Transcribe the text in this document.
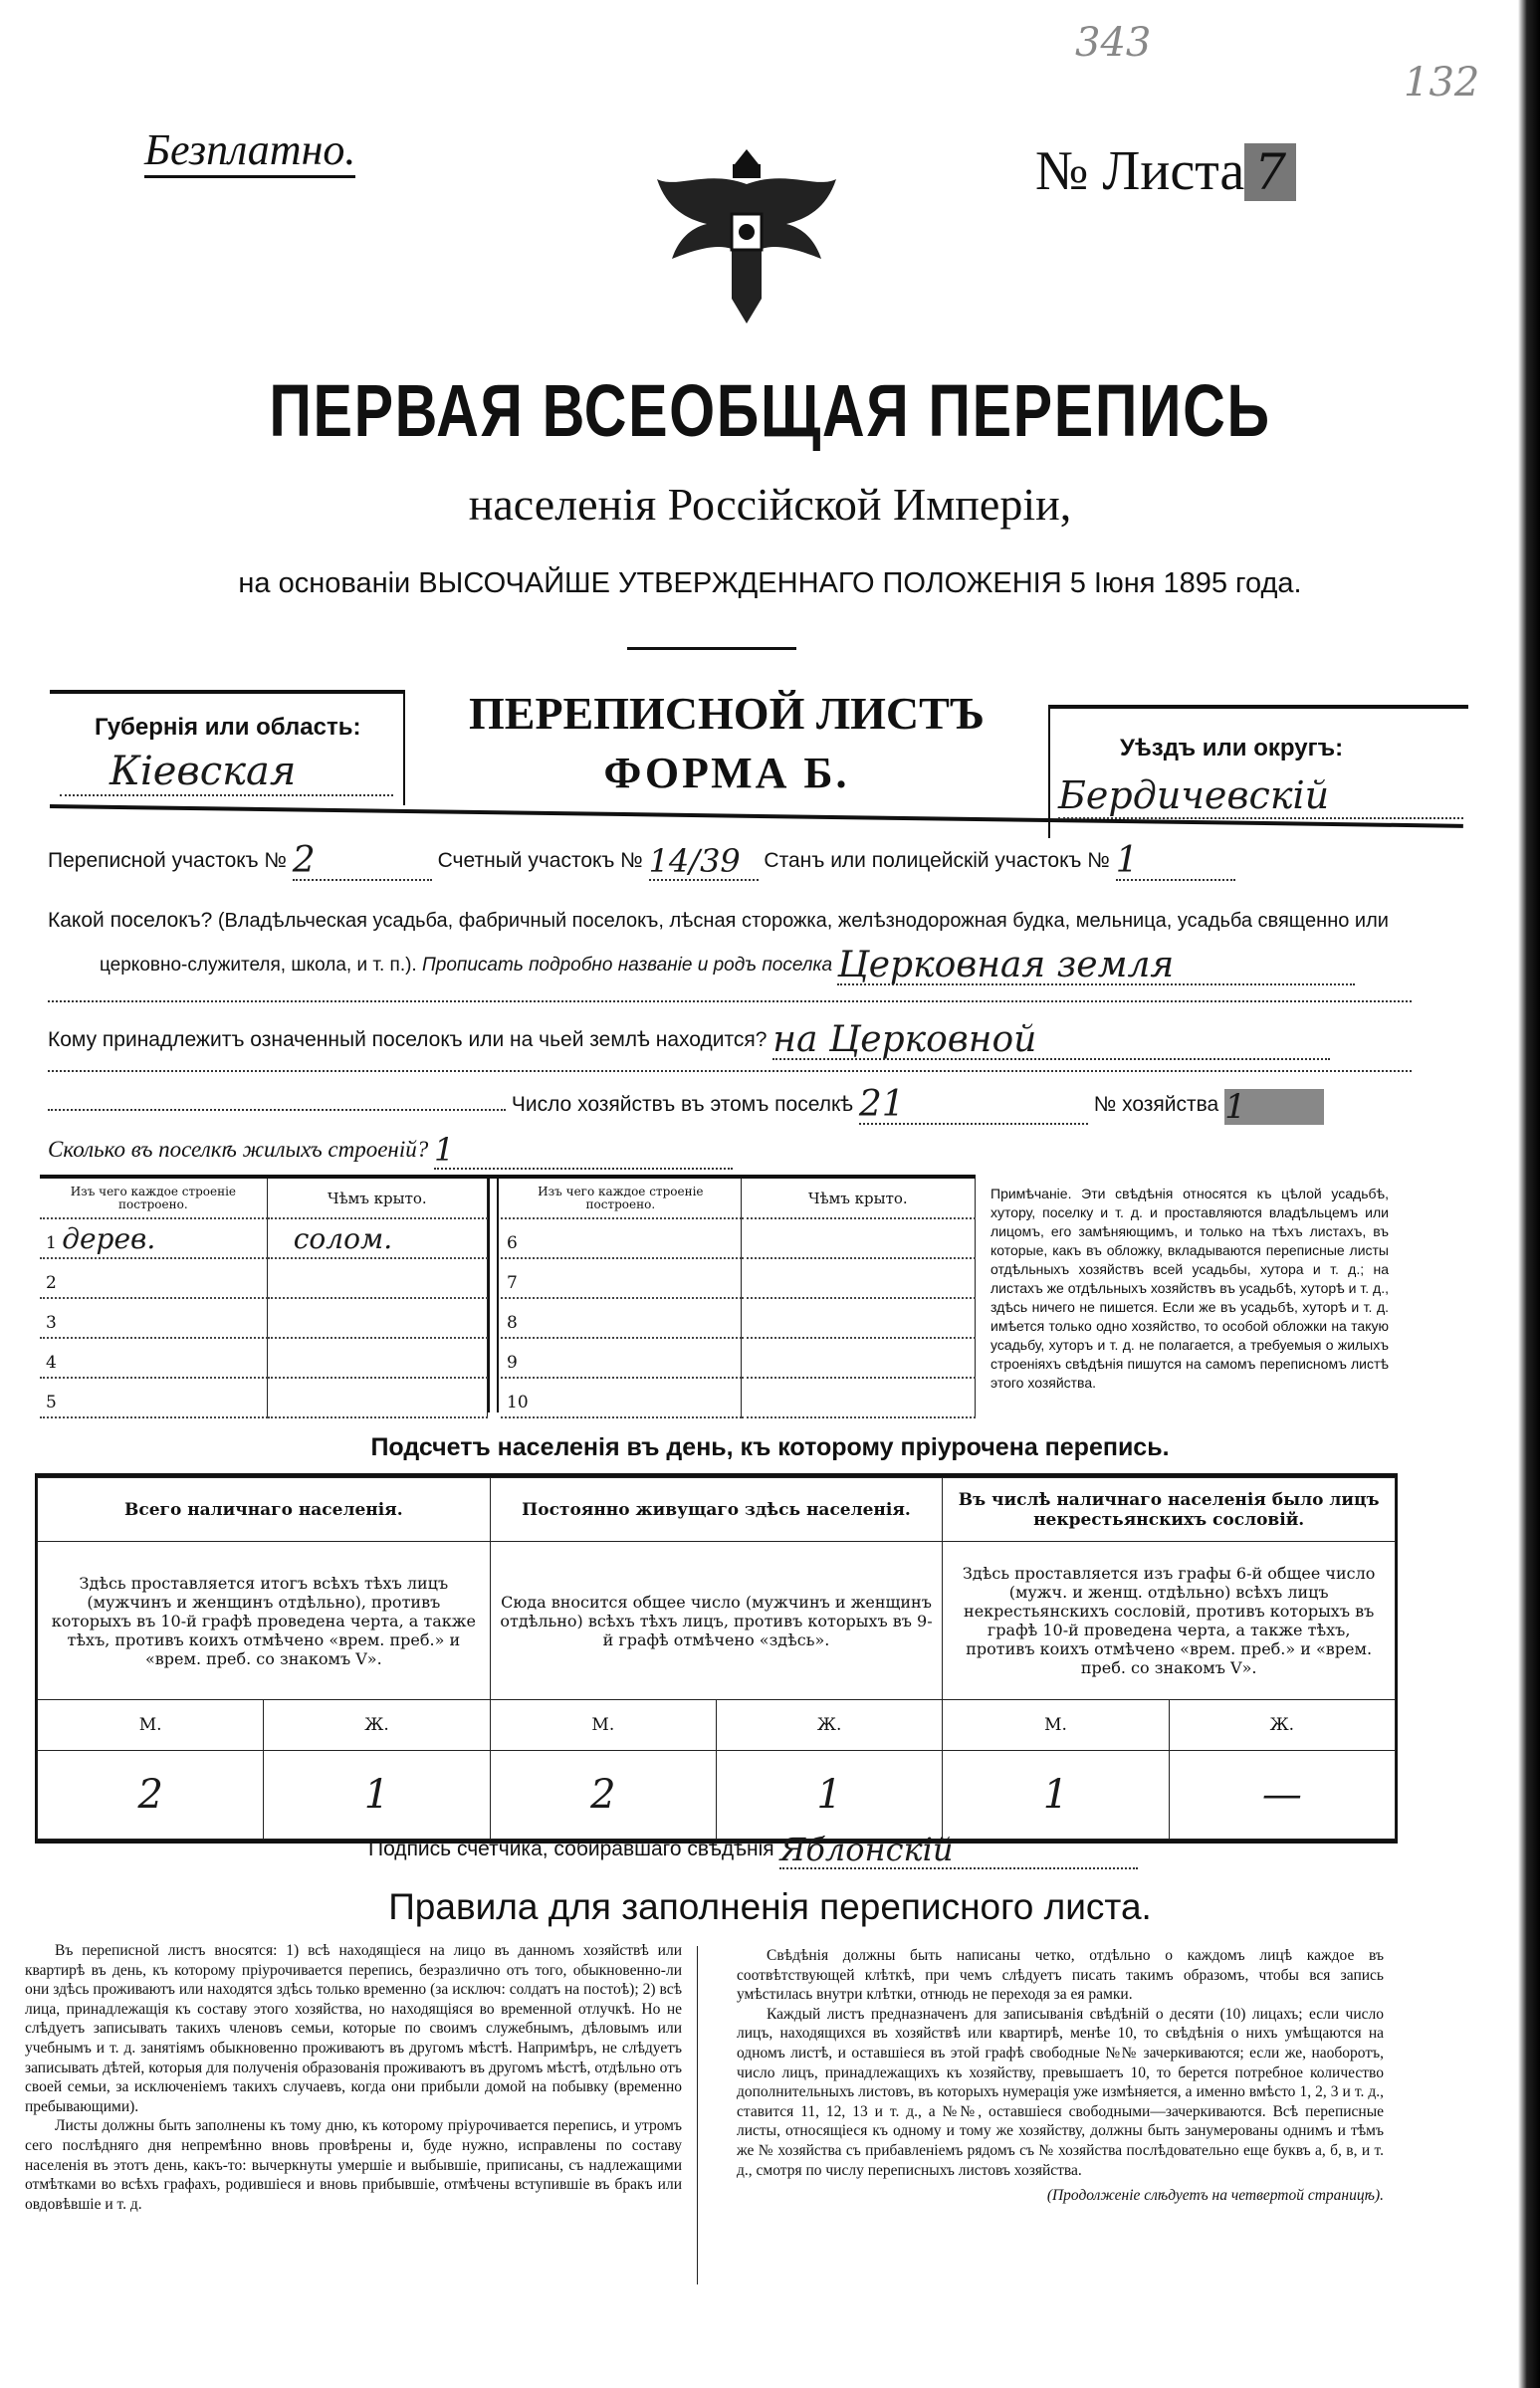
343
132
Безплатно.	№ Листа 7
ПЕРВАЯ ВСЕОБЩАЯ ПЕРЕПИСЬ
населенія Россійской Имперіи,
на основаніи ВЫСОЧАЙШЕ УТВЕРЖДЕННАГО ПОЛОЖЕНІЯ 5 Іюня 1895 года.
Губернія или область:
Кіевская
ПЕРЕПИСНОЙ ЛИСТЪ
ФОРМА Б.
Уѣздъ или округъ:
Бердичевскій
Переписной участокъ № 2	Счетный участокъ № 14/39 Станъ или полицейскій участокъ № 1
Какой поселокъ? (Владѣльческая усадьба, фабричный поселокъ, лѣсная сторожка, желѣзнодорожная будка, мельница, усадьба священно или
церковно-служителя, школа, и т. п.). Прописать подробно названіе и родъ поселка Церковная земля
Кому принадлежитъ означенный поселокъ или на чьей землѣ находится? на Церковной
Число хозяйствъ въ этомъ поселкѣ 21	№ хозяйства 1
Сколько въ поселкѣ жилыхъ строеній? 1
Изъ чего каждое строеніе построено.	Чѣмъ крыто.
1 дерев.	солом.
2	
3	
4	
5	
Изъ чего каждое строеніе построено.	Чѣмъ крыто.
6	
7	
8	
9	
10	
Примѣчаніе. Эти свѣдѣнія относятся къ цѣлой усадьбѣ, хутору, поселку и т. д. и проставляются владѣльцемъ или лицомъ, его замѣняющимъ, и только на тѣхъ листахъ, въ которые, какъ въ обложку, вкладываются переписные листы отдѣльныхъ хозяйствъ всей усадьбы, хутора и т. д.; на листахъ же отдѣльныхъ хозяйствъ въ усадьбѣ, хуторѣ и т. д., здѣсь ничего не пишется. Если же въ усадьбѣ, хуторѣ и т. д. имѣется только одно хозяйство, то особой обложки на такую усадьбу, хуторъ и т. д. не полагается, а требуемыя о жилыхъ строеніяхъ свѣдѣнія пишутся на самомъ переписномъ листѣ этого хозяйства.
Подсчетъ населенія въ день, къ которому пріурочена перепись.
Всего наличнаго населенія.		Постоянно живущаго здѣсь населенія.		Въ числѣ наличнаго населенія было лицъ некрестьянскихъ сословій.	
Здѣсь проставляется итогъ всѣхъ тѣхъ лицъ (мужчинъ и женщинъ отдѣльно), противъ которыхъ въ 10-й графѣ проведена черта, а также тѣхъ, противъ коихъ отмѣчено «врем. преб.» и «врем. преб. со знакомъ V».		Сюда вносится общее число (мужчинъ и женщинъ отдѣльно) всѣхъ тѣхъ лицъ, противъ которыхъ въ 9-й графѣ отмѣчено «здѣсь».		Здѣсь проставляется изъ графы 6-й общее число (мужч. и женщ. отдѣльно) всѣхъ лицъ некрестьянскихъ сословій, противъ которыхъ въ графѣ 10-й проведена черта, а также тѣхъ, противъ коихъ отмѣчено «врем. преб.» и «врем. преб. со знакомъ V».	
М.	Ж.	М.	Ж.	М.	Ж.
2	1	2	1	1	—
Подпись счетчика, собиравшаго свѣдѣнія Яблонскій
Правила для заполненія переписного листа.

Въ переписной листъ вносятся: 1) всѣ находящіеся на лицо въ данномъ хозяйствѣ или квартирѣ въ день, къ которому пріурочивается перепись, безразлично отъ того, обыкновенно-ли они здѣсь проживаютъ или находятся здѣсь только временно (за исключ: солдатъ на постоѣ); 2) всѣ лица, принадлежащія къ составу этого хозяйства, но находящіяся во временной отлучкѣ. Но не слѣдуетъ записывать такихъ членовъ семьи, которые по своимъ служебнымъ, дѣловымъ или учебнымъ и т. д. занятіямъ обыкновенно проживаютъ въ другомъ мѣстѣ. Напримѣръ, не слѣдуетъ записывать дѣтей, которыя для полученія образованія проживаютъ въ другомъ мѣстѣ, отдѣльно отъ своей семьи, за исключеніемъ такихъ случаевъ, когда они прибыли домой на побывку (временно пребывающими).

Листы должны быть заполнены къ тому дню, къ которому пріурочивается перепись, и утромъ сего послѣдняго дня непремѣнно вновь провѣрены и, буде нужно, исправлены по составу населенія въ этотъ день, какъ-то: вычеркнуты умершіе и выбывшіе, приписаны, съ надлежащими отмѣтками во всѣхъ графахъ, родившіеся и вновь прибывшіе, отмѣчены вступившіе въ бракъ или овдовѣвшіе и т. д.

Свѣдѣнія должны быть написаны четко, отдѣльно о каждомъ лицѣ каждое въ соотвѣтствующей клѣткѣ, при чемъ слѣдуетъ писать такимъ образомъ, чтобы вся запись умѣстилась внутри клѣтки, отнюдь не переходя за ея рамки.

Каждый листъ предназначенъ для записыванія свѣдѣній о десяти (10) лицахъ; если число лицъ, находящихся въ хозяйствѣ или квартирѣ, менѣе 10, то свѣдѣнія о нихъ умѣщаются на одномъ листѣ, и оставшіеся въ этой графѣ свободные №№ зачеркиваются; если же, наоборотъ, число лицъ, принадлежащихъ къ хозяйству, превышаетъ 10, то берется потребное количество дополнительныхъ листовъ, въ которыхъ нумерація уже измѣняется, а именно вмѣсто 1, 2, 3 и т. д., ставится 11, 12, 13 и т. д., а №№, оставшіеся свободными—зачеркиваются. Всѣ переписные листы, относящіеся къ одному и тому же хозяйству, должны быть занумерованы однимъ и тѣмъ же № хозяйства съ прибавленіемъ рядомъ съ № хозяйства послѣдовательно еще буквъ а, б, в, и т. д., смотря по числу переписныхъ листовъ хозяйства.

(Продолженіе слѣдуетъ на четвертой страницѣ).
